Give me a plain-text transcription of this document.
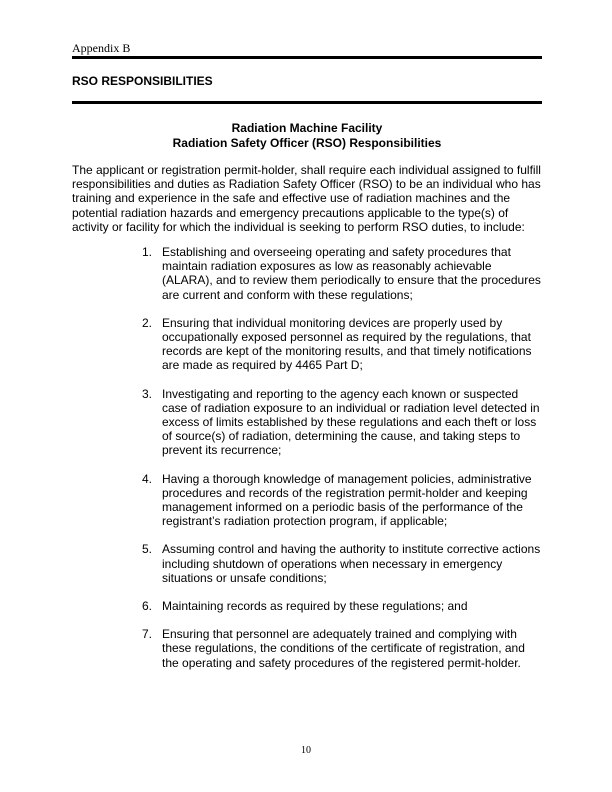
Appendix B
RSO RESPONSIBILITIES
Radiation Machine Facility
Radiation Safety Officer (RSO) Responsibilities

The applicant or registration permit-holder, shall require each individual assigned to fulfill responsibilities and duties as Radiation Safety Officer (RSO) to be an individual who has training and experience in the safe and effective use of radiation machines and the potential radiation hazards and emergency precautions applicable to the type(s) of activity or facility for which the individual is seeking to perform RSO duties, to include:

1. Establishing and overseeing operating and safety procedures that maintain radiation exposures as low as reasonably achievable (ALARA), and to review them periodically to ensure that the procedures are current and conform with these regulations;
2. Ensuring that individual monitoring devices are properly used by occupationally exposed personnel as required by the regulations, that records are kept of the monitoring results, and that timely notifications are made as required by 4465 Part D;
3. Investigating and reporting to the agency each known or suspected case of radiation exposure to an individual or radiation level detected in excess of limits established by these regulations and each theft or loss of source(s) of radiation, determining the cause, and taking steps to prevent its recurrence;
4. Having a thorough knowledge of management policies, administrative procedures and records of the registration permit-holder and keeping management informed on a periodic basis of the performance of the registrant’s radiation protection program, if applicable;
5. Assuming control and having the authority to institute corrective actions including shutdown of operations when necessary in emergency situations or unsafe conditions;
6. Maintaining records as required by these regulations; and
7. Ensuring that personnel are adequately trained and complying with these regulations, the conditions of the certificate of registration, and the operating and safety procedures of the registered permit-holder.
10
